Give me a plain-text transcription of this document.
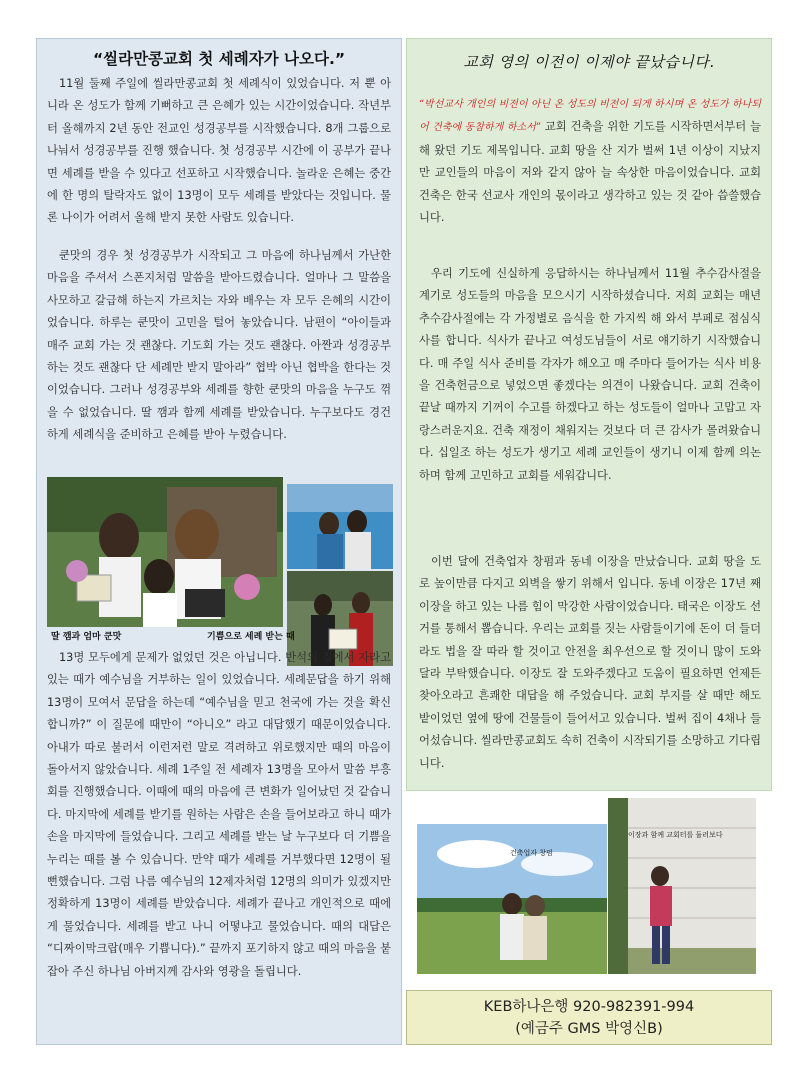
“씰라만콩교회 첫 세례자가 나오다.”

11월 둘째 주일에 씰라만콩교회 첫 세례식이 있었습니다. 저 뿐 아니라 온 성도가 함께 기뻐하고 큰 은혜가 있는 시간이었습니다. 작년부터 올해까지 2년 동안 전교인 성경공부를 시작했습니다. 8개 그룹으로 나눠서 성경공부를 진행 했습니다. 첫 성경공부 시간에 이 공부가 끝나면 세례를 받을 수 있다고 선포하고 시작했습니다. 놀라운 은혜는 중간에 한 명의 탈락자도 없이 13명이 모두 세례를 받았다는 것입니다. 물론 나이가 어려서 올해 받지 못한 사람도 있습니다.

쿤맛의 경우 첫 성경공부가 시작되고 그 마음에 하나님께서 가난한 마음을 주셔서 스폰지처럼 말씀을 받아드렸습니다. 얼마나 그 말씀을 사모하고 갈급해 하는지 가르치는 자와 배우는 자 모두 은혜의 시간이었습니다. 하루는 쿤맛이 고민을 털어 놓았습니다. 남편이 “아이들과 매주 교회 가는 것 괜찮다. 기도회 가는 것도 괜찮다. 아짠과 성경공부 하는 것도 괜찮다 단 세례만 받지 말아라” 협박 아닌 협박을 한다는 것이었습니다. 그러나 성경공부와 세례를 향한 쿤맛의 마음을 누구도 꺾을 수 없었습니다. 딸 깸과 함께 세례를 받았습니다. 누구보다도 경건하게 세례식을 준비하고 은혜를 받아 누렸습니다.

딸 깸과 엄마 쿤맛	기쁨으로 세례 받는 때

13명 모두에게 문제가 없었던 것은 아닙니다. 반석의 집에서 자라고 있는 때가 예수님을 거부하는 일이 있었습니다. 세례문답을 하기 위해 13명이 모여서 문답을 하는데 “예수님을 믿고 천국에 가는 것을 확신합니까?” 이 질문에 때만이 “아니오” 라고 대답했기 때문이었습니다. 아내가 따로 불러서 이런저런 말로 격려하고 위로했지만 때의 마음이 돌아서지 않았습니다. 세례 1주일 전 세례자 13명을 모아서 말씀 부흥회를 진행했습니다. 이때에 때의 마음에 큰 변화가 일어났던 것 같습니다. 마지막에 세례를 받기를 원하는 사람은 손을 들어보라고 하니 때가 손을 마지막에 들었습니다. 그리고 세례를 받는 날 누구보다 더 기쁨을 누리는 때를 볼 수 있습니다. 만약 때가 세례를 거부했다면 12명이 될 뻔했습니다. 그럼 나름 예수님의 12제자처럼 12명의 의미가 있겠지만 정확하게 13명이 세례를 받았습니다. 세례가 끝나고 개인적으로 때에게 물었습니다. 세례를 받고 나니 어떻냐고 물었습니다. 때의 대답은 “디짜이막크랍(매우 기쁩니다).” 끝까지 포기하지 않고 때의 마음을 붙잡아 주신 하나님 아버지께 감사와 영광을 돌립니다.

교회 영의 이전이 이제야 끝났습니다.

“박선교사 개인의 비전이 아닌 온 성도의 비전이 되게 하시며 온 성도가 하나되어 건축에 동참하게 하소서” 교회 건축을 위한 기도를 시작하면서부터 늘 해 왔던 기도 제목입니다. 교회 땅을 산 지가 벌써 1년 이상이 지났지만 교인들의 마음이 저와 같지 않아 늘 속상한 마음이었습니다. 교회 건축은 한국 선교사 개인의 몫이라고 생각하고 있는 것 같아 씁쓸했습니다.

우리 기도에 신실하게 응답하시는 하나님께서 11월 추수감사절을 계기로 성도들의 마음을 모으시기 시작하셨습니다. 저희 교회는 매년 추수감사절에는 각 가정별로 음식을 한 가지씩 해 와서 부페로 점심식사를 합니다. 식사가 끝나고 여성도님들이 서로 얘기하기 시작했습니다. 매 주일 식사 준비를 각자가 해오고 매 주마다 들어가는 식사 비용을 건축헌금으로 넣었으면 좋겠다는 의견이 나왔습니다. 교회 건축이 끝날 때까지 기꺼이 수고를 하겠다고 하는 성도들이 얼마나 고맙고 자랑스러운지요. 건축 재정이 채워지는 것보다 더 큰 감사가 몰려왔습니다. 십일조 하는 성도가 생기고 세례 교인들이 생기니 이제 함께 의논하며 함께 고민하고 교회를 세워갑니다.

이번 달에 건축업자 창펌과 동네 이장을 만났습니다. 교회 땅을 도로 높이만큼 다지고 외벽을 쌓기 위해서 입니다. 동네 이장은 17년 째 이장을 하고 있는 나름 힘이 막강한 사람이었습니다. 태국은 이장도 선거를 통해서 뽑습니다. 우리는 교회를 짓는 사람들이기에 돈이 더 들더라도 법을 잘 따라 할 것이고 안전을 최우선으로 할 것이니 많이 도와달라 부탁했습니다. 이장도 잘 도와주겠다고 도움이 필요하면 언제든 찾아오라고 흔쾌한 대답을 해 주었습니다. 교회 부지를 살 때만 해도 밭이었던 옆에 땅에 건물들이 들어서고 있습니다. 벌써 집이 4채나 들어섰습니다. 씰라만콩교회도 속히 건축이 시작되기를 소망하고 기다립니다.

건축업자 창펌
이장과 함께 교회터를 둘러보다
KEB하나은행 920-982391-994
(예금주 GMS 박영신B)
